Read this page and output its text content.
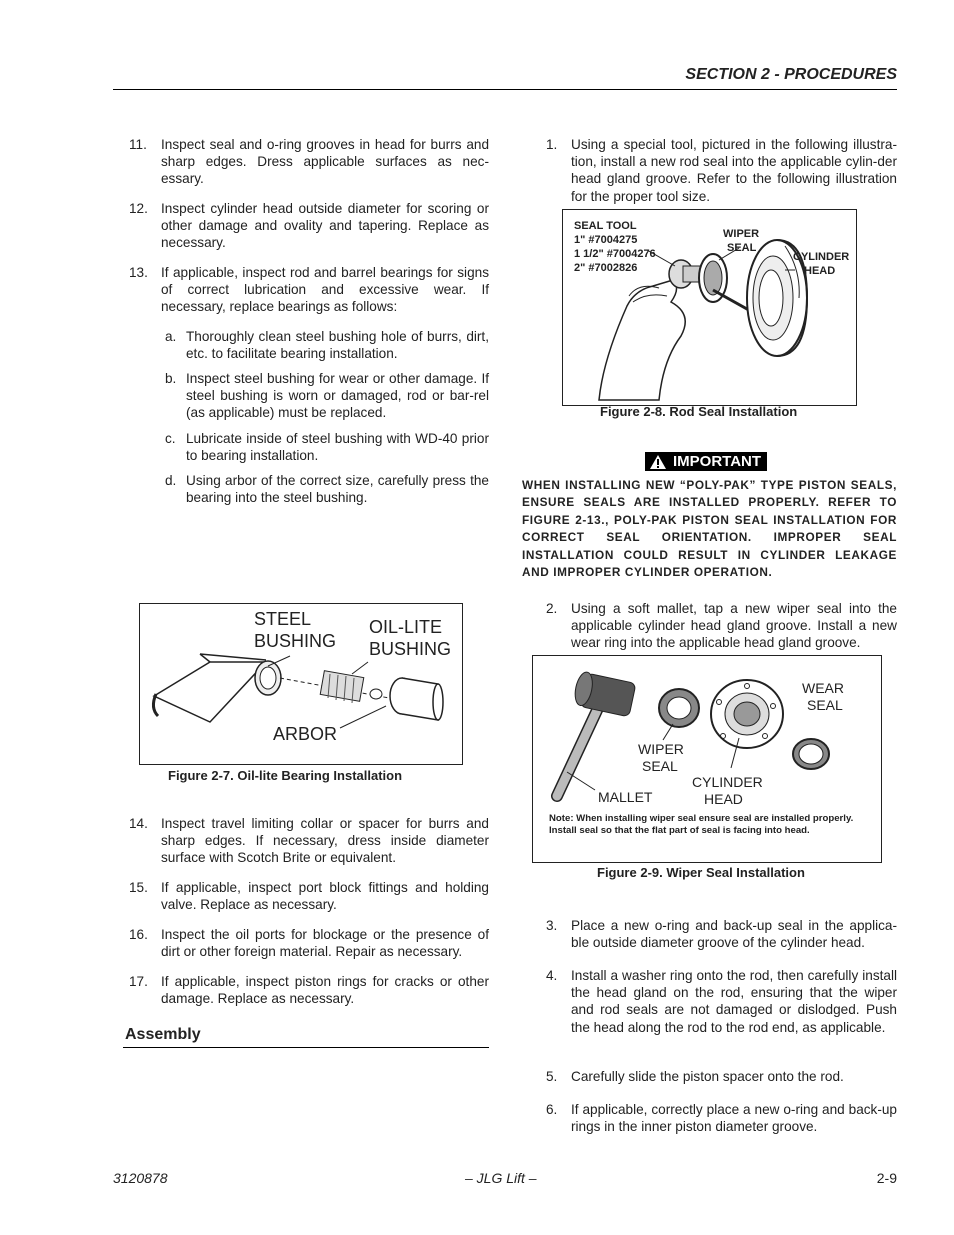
SECTION 2 - PROCEDURES
11. Inspect seal and o-ring grooves in head for burrs and sharp edges. Dress applicable surfaces as nec-essary.
12. Inspect cylinder head outside diameter for scoring or other damage and ovality and tapering. Replace as necessary.
13. If applicable, inspect rod and barrel bearings for signs of correct lubrication and excessive wear. If necessary, replace bearings as follows:
a. Thoroughly clean steel bushing hole of burrs, dirt, etc. to facilitate bearing installation.
b. Inspect steel bushing for wear or other damage. If steel bushing is worn or damaged, rod or bar-rel (as applicable) must be replaced.
c. Lubricate inside of steel bushing with WD-40 prior to bearing installation.
d. Using arbor of the correct size, carefully press the bearing into the steel bushing.
STEEL
BUSHING
OIL-LITE
BUSHING
ARBOR
Figure 2-7. Oil-lite Bearing Installation
14. Inspect travel limiting collar or spacer for burrs and sharp edges. If necessary, dress inside diameter surface with Scotch Brite or equivalent.
15. If applicable, inspect port block fittings and holding valve. Replace as necessary.
16. Inspect the oil ports for blockage or the presence of dirt or other foreign material. Repair as necessary.
17. If applicable, inspect piston rings for cracks or other damage. Replace as necessary.
Assembly
1. Using a special tool, pictured in the following illustra-tion, install a new rod seal into the applicable cylin-der head gland groove. Refer to the following illustration for the proper tool size.
SEAL TOOL
1" #7004275
1 1/2" #7004276
2" #7002826
WIPER
SEAL
CYLINDER
HEAD
Figure 2-8. Rod Seal Installation
IMPORTANT
WHEN INSTALLING NEW “POLY-PAK” TYPE PISTON SEALS, ENSURE SEALS ARE INSTALLED PROPERLY. REFER TO FIGURE 2-13., POLY-PAK PISTON SEAL INSTALLATION FOR CORRECT SEAL ORIENTATION. IMPROPER SEAL INSTALLATION COULD RESULT IN CYLINDER LEAKAGE AND IMPROPER CYLINDER OPERATION.
2. Using a soft mallet, tap a new wiper seal into the applicable cylinder head gland groove. Install a new wear ring into the applicable head gland groove.
WEAR
SEAL
WIPER
SEAL
CYLINDER
HEAD
MALLET
Note: When installing wiper seal ensure seal are installed properly. Install seal so that the flat part of seal is facing into head.
Figure 2-9. Wiper Seal Installation
3. Place a new o-ring and back-up seal in the applica-ble outside diameter groove of the cylinder head.
4. Install a washer ring onto the rod, then carefully install the head gland on the rod, ensuring that the wiper and rod seals are not damaged or dislodged. Push the head along the rod to the rod end, as applicable.
5. Carefully slide the piston spacer onto the rod.
6. If applicable, correctly place a new o-ring and back-up rings in the inner piston diameter groove.
3120878	– JLG Lift –	2-9
